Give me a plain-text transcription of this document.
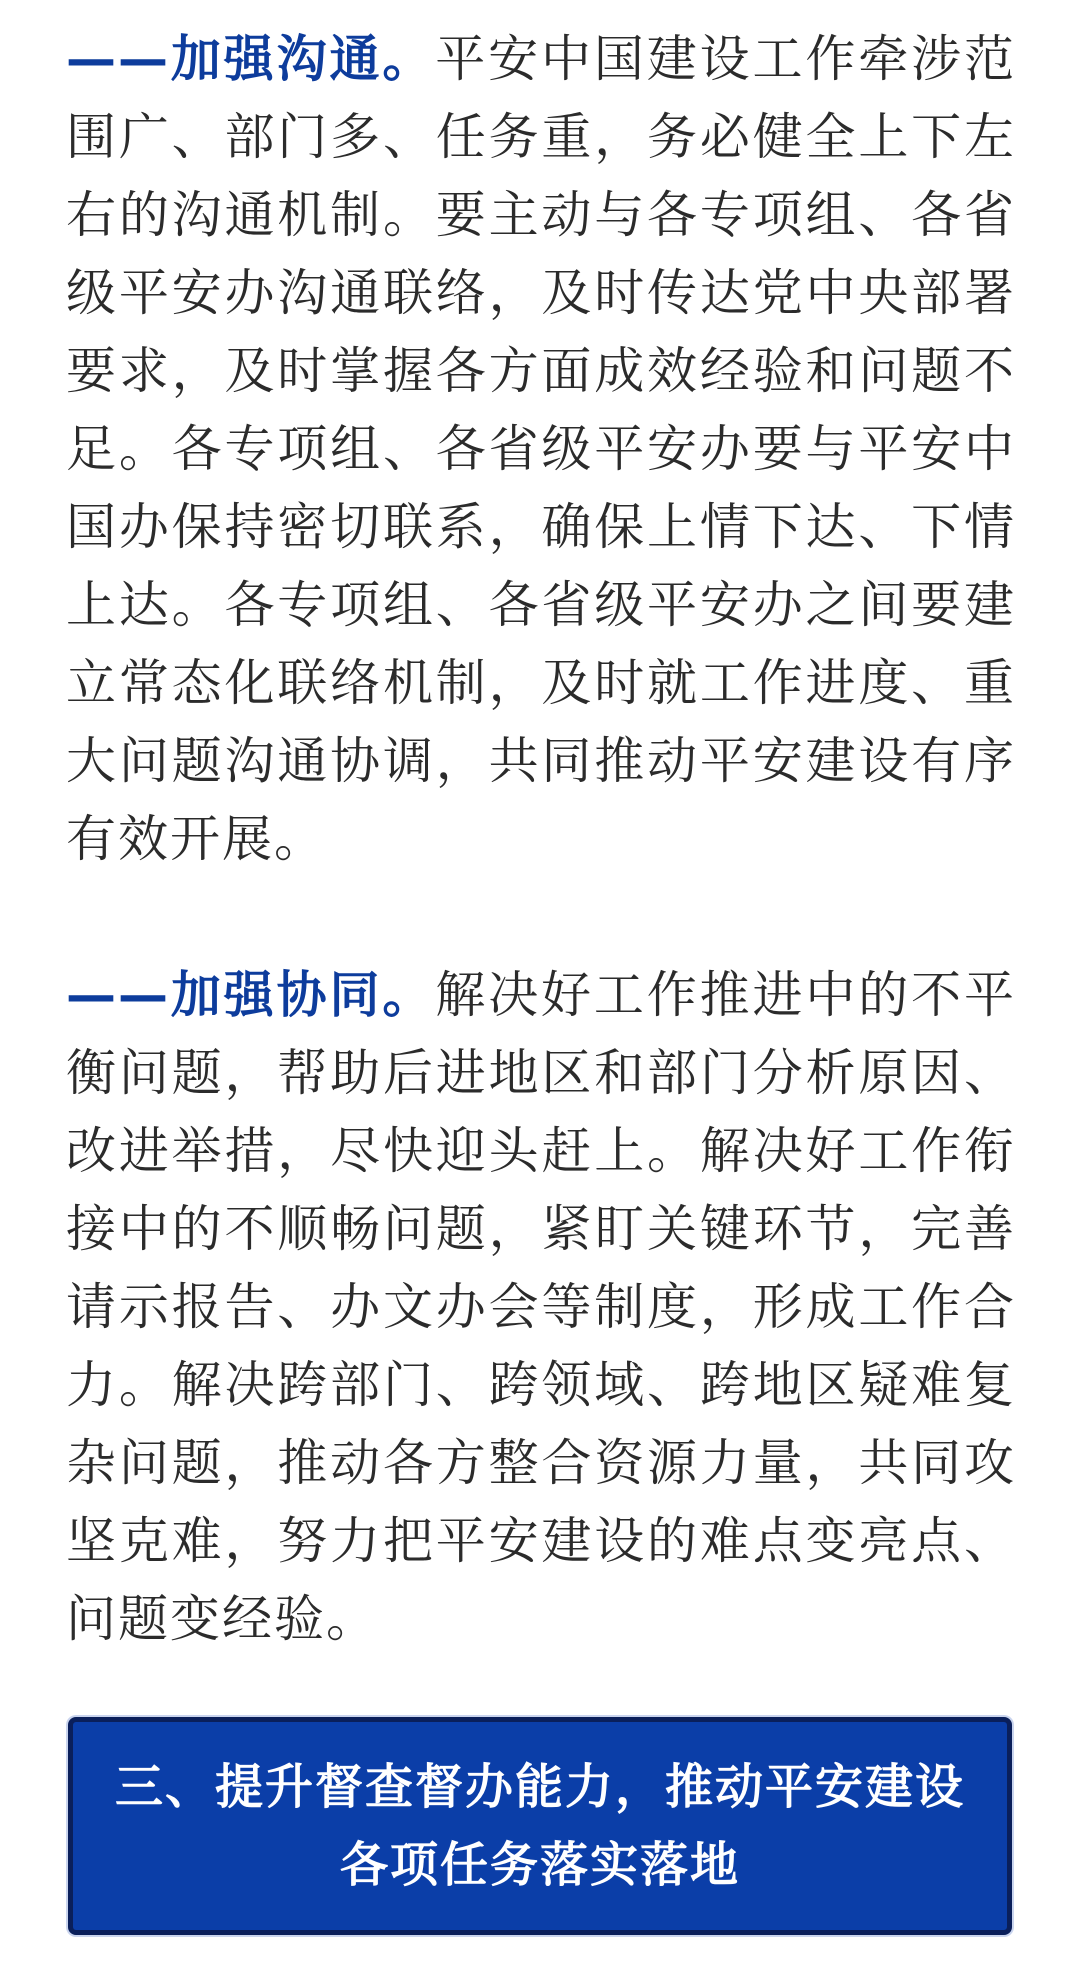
——加强沟通。平安中国建设工作牵涉范围广、部门多、任务重，务必健全上下左右的沟通机制。要主动与各专项组、各省级平安办沟通联络，及时传达党中央部署要求，及时掌握各方面成效经验和问题不足。各专项组、各省级平安办要与平安中国办保持密切联系，确保上情下达、下情上达。各专项组、各省级平安办之间要建立常态化联络机制，及时就工作进度、重大问题沟通协调，共同推动平安建设有序有效开展。

——加强协同。解决好工作推进中的不平衡问题，帮助后进地区和部门分析原因、改进举措，尽快迎头赶上。解决好工作衔接中的不顺畅问题，紧盯关键环节，完善请示报告、办文办会等制度，形成工作合力。解决跨部门、跨领域、跨地区疑难复杂问题，推动各方整合资源力量，共同攻坚克难，努力把平安建设的难点变亮点、问题变经验。

三、提升督查督办能力，推动平安建设
各项任务落实落地
